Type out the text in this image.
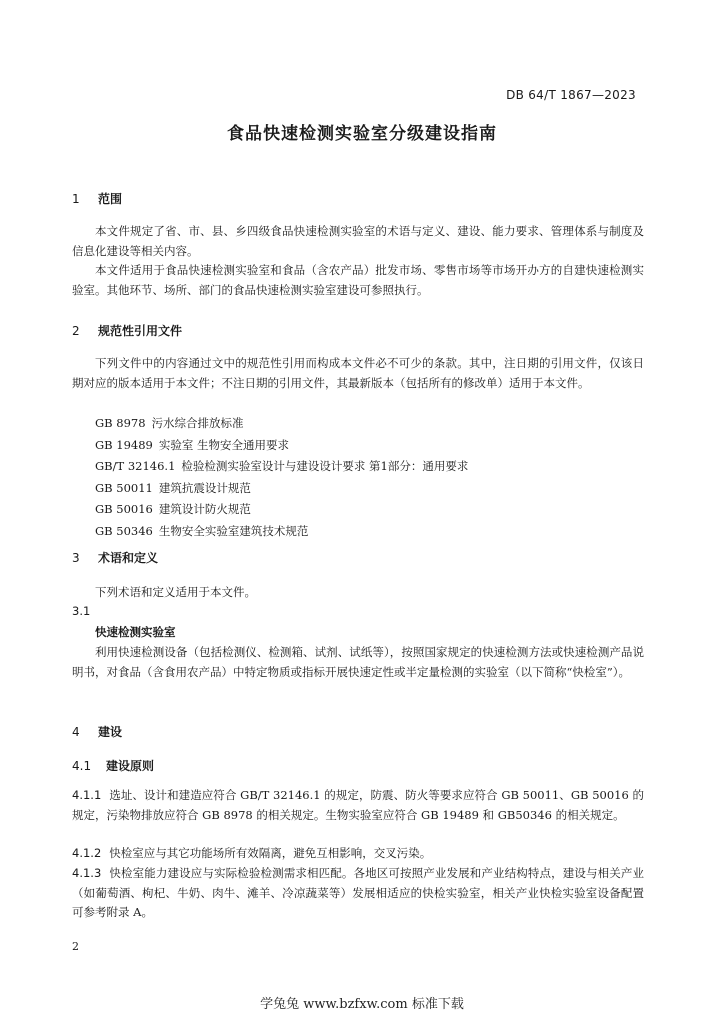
DB 64/T 1867—2023
食品快速检测实验室分级建设指南
1 范围

本文件规定了省、市、县、乡四级食品快速检测实验室的术语与定义、建设、能力要求、管理体系与制度及信息化建设等相关内容。

本文件适用于食品快速检测实验室和食品（含农产品）批发市场、零售市场等市场开办方的自建快速检测实验室。其他环节、场所、部门的食品快速检测实验室建设可参照执行。

2 规范性引用文件

下列文件中的内容通过文中的规范性引用而构成本文件必不可少的条款。其中，注日期的引用文件，仅该日期对应的版本适用于本文件；不注日期的引用文件，其最新版本（包括所有的修改单）适用于本文件。

GB 8978 污水综合排放标准
GB 19489 实验室 生物安全通用要求
GB/T 32146.1 检验检测实验室设计与建设设计要求 第1部分：通用要求
GB 50011 建筑抗震设计规范
GB 50016 建筑设计防火规范
GB 50346 生物安全实验室建筑技术规范
3 术语和定义

下列术语和定义适用于本文件。

3.1
快速检测实验室

利用快速检测设备（包括检测仪、检测箱、试剂、试纸等），按照国家规定的快速检测方法或快速检测产品说明书，对食品（含食用农产品）中特定物质或指标开展快速定性或半定量检测的实验室（以下简称“快检室”）。

4 建设
4.1 建设原则

4.1.1 选址、设计和建造应符合 GB/T 32146.1 的规定，防震、防火等要求应符合 GB 50011、GB 50016 的规定，污染物排放应符合 GB 8978 的相关规定。生物实验室应符合 GB 19489 和 GB50346 的相关规定。

4.1.2 快检室应与其它功能场所有效隔离，避免互相影响，交叉污染。

4.1.3 快检室能力建设应与实际检验检测需求相匹配。各地区可按照产业发展和产业结构特点，建设与相关产业（如葡萄酒、枸杞、牛奶、肉牛、滩羊、冷凉蔬菜等）发展相适应的快检实验室，相关产业快检实验室设备配置可参考附录 A。

2
学兔兔 www.bzfxw.com 标准下载
